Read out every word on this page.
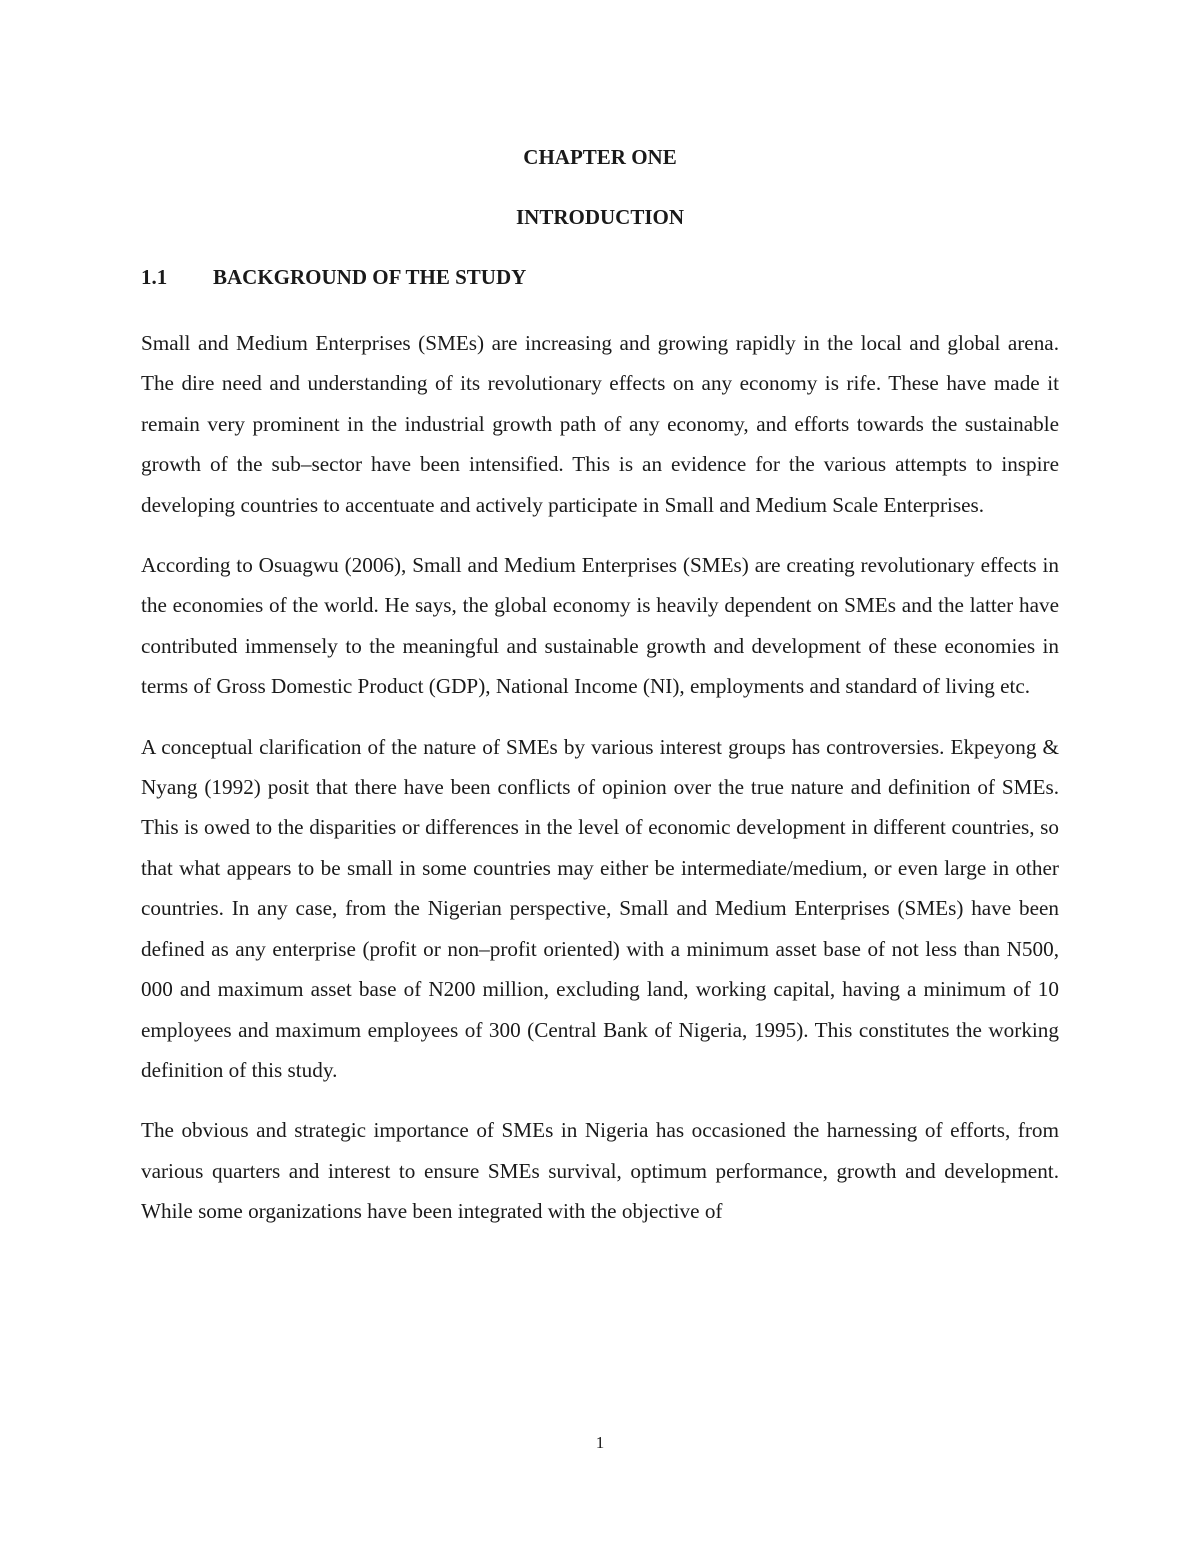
CHAPTER ONE
INTRODUCTION
1.1 BACKGROUND OF THE STUDY

Small and Medium Enterprises (SMEs) are increasing and growing rapidly in the local and global arena. The dire need and understanding of its revolutionary effects on any economy is rife. These have made it remain very prominent in the industrial growth path of any economy, and efforts towards the sustainable growth of the sub–sector have been intensified. This is an evidence for the various attempts to inspire developing countries to accentuate and actively participate in Small and Medium Scale Enterprises.

According to Osuagwu (2006), Small and Medium Enterprises (SMEs) are creating revolutionary effects in the economies of the world. He says, the global economy is heavily dependent on SMEs and the latter have contributed immensely to the meaningful and sustainable growth and development of these economies in terms of Gross Domestic Product (GDP), National Income (NI), employments and standard of living etc.

A conceptual clarification of the nature of SMEs by various interest groups has controversies. Ekpeyong & Nyang (1992) posit that there have been conflicts of opinion over the true nature and definition of SMEs. This is owed to the disparities or differences in the level of economic development in different countries, so that what appears to be small in some countries may either be intermediate/medium, or even large in other countries. In any case, from the Nigerian perspective, Small and Medium Enterprises (SMEs) have been defined as any enterprise (profit or non–profit oriented) with a minimum asset base of not less than N500, 000 and maximum asset base of N200 million, excluding land, working capital, having a minimum of 10 employees and maximum employees of 300 (Central Bank of Nigeria, 1995). This constitutes the working definition of this study.

The obvious and strategic importance of SMEs in Nigeria has occasioned the harnessing of efforts, from various quarters and interest to ensure SMEs survival, optimum performance, growth and development. While some organizations have been integrated with the objective of

1
